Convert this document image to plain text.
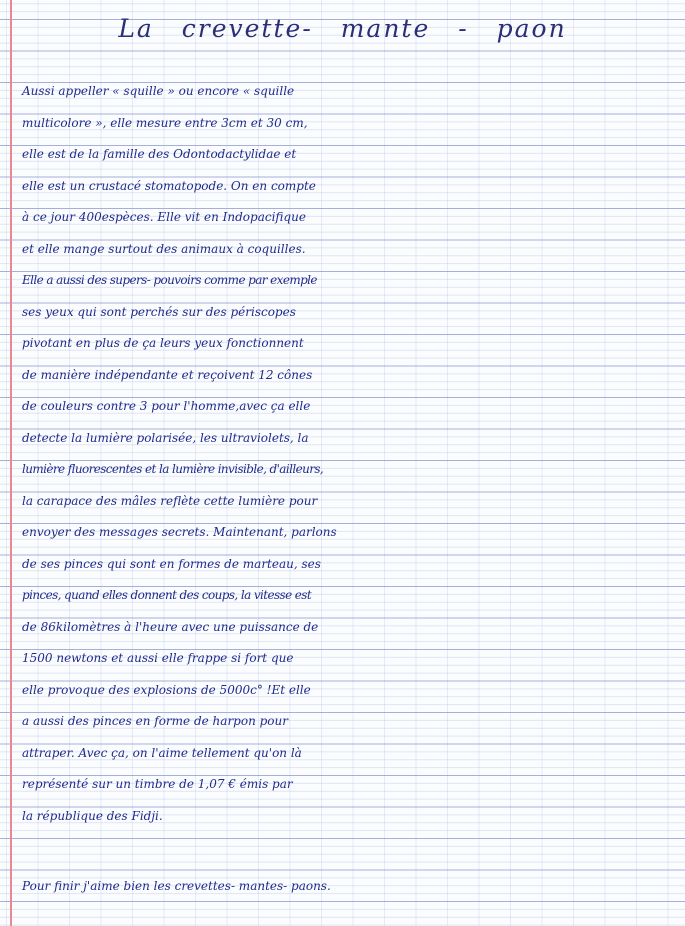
La crevette- mante - paon
Aussi appeller « squille » ou encore « squille
multicolore », elle mesure entre 3cm et 30 cm,
elle est de la famille des Odontodactylidae et
elle est un crustacé stomatopode. On en compte
à ce jour 400espèces. Elle vit en Indopacifique
et elle mange surtout des animaux à coquilles.
Elle a aussi des supers- pouvoirs comme par exemple
ses yeux qui sont perchés sur des périscopes
pivotant en plus de ça leurs yeux fonctionnent
de manière indépendante et reçoivent 12 cônes
de couleurs contre 3 pour l'homme,avec ça elle
detecte la lumière polarisée, les ultraviolets, la
lumière fluorescentes et la lumière invisible, d'ailleurs,
la carapace des mâles reflète cette lumière pour
envoyer des messages secrets. Maintenant, parlons
de ses pinces qui sont en formes de marteau, ses
pinces, quand elles donnent des coups, la vitesse est
de 86kilomètres à l'heure avec une puissance de
1500 newtons et aussi elle frappe si fort que
elle provoque des explosions de 5000c° !Et elle
a aussi des pinces en forme de harpon pour
attraper. Avec ça, on l'aime tellement qu'on là
représenté sur un timbre de 1,07 € émis par
la république des Fidji.
Pour finir j'aime bien les crevettes- mantes- paons.
